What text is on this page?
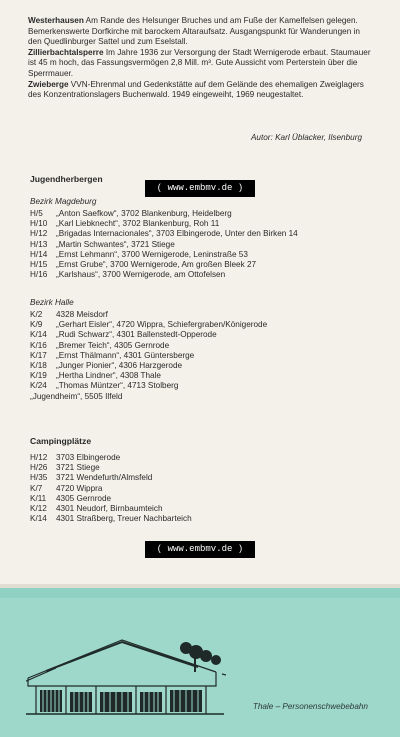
Westerhausen Am Rande des Helsunger Bruches und am Fuße der Kamelfelsen gelegen. Bemerkenswerte Dorfkirche mit barockem Altaraufsatz. Ausgangspunkt für Wanderungen in den Quedlinburger Sattel und zum Eselstall.

Zillierbachtalsperre Im Jahre 1936 zur Versorgung der Stadt Wernigerode erbaut. Staumauer ist 45 m hoch, das Fassungsvermögen 2,8 Mill. m³. Gute Aussicht vom Perterstein über die Sperrmauer.

Zwieberge VVN-Ehrenmal und Gedenkstätte auf dem Gelände des ehemaligen Zweiglagers des Konzentrationslagers Buchenwald. 1949 eingeweiht, 1969 neugestaltet.

Autor: Karl Üblacker, Ilsenburg
Jugendherbergen
( www.embmv.de )
Bezirk Magdeburg
H/5	„Anton Saefkow“, 3702 Blankenburg, Heidelberg
H/10	„Karl Liebknecht“, 3702 Blankenburg, Roh 11
H/12	„Brigadas Internacionales“, 3703 Elbingerode, Unter den Birken 14
H/13	„Martin Schwantes“, 3721 Stiege
H/14	„Ernst Lehmann“, 3700 Wernigerode, Leninstraße 53
H/15	„Ernst Grube“, 3700 Wernigerode, Am großen Bleek 27
H/16	„Karlshaus“, 3700 Wernigerode, am Ottofelsen
Bezirk Halle
K/2	4328 Meisdorf
K/9	„Gerhart Eisler“, 4720 Wippra, Schiefergraben/Königerode
K/14	„Rudi Schwarz“, 4301 Ballenstedt-Opperode
K/16	„Bremer Teich“, 4305 Gernrode
K/17	„Ernst Thälmann“, 4301 Güntersberge
K/18	„Junger Pionier“, 4306 Harzgerode
K/19	„Hertha Lindner“, 4308 Thale
K/24	„Thomas Müntzer“, 4713 Stolberg
„Jugendheim“, 5505 Ilfeld
Campingplätze
H/12	3703 Elbingerode
H/26	3721 Stiege
H/35	3721 Wendefurth/Almsfeld
K/7	4720 Wippra
K/11	4305 Gernrode
K/12	4301 Neudorf, Birnbaumteich
K/14	4301 Straßberg, Treuer Nachbarteich
( www.embmv.de )
Thale – Personenschwebebahn
